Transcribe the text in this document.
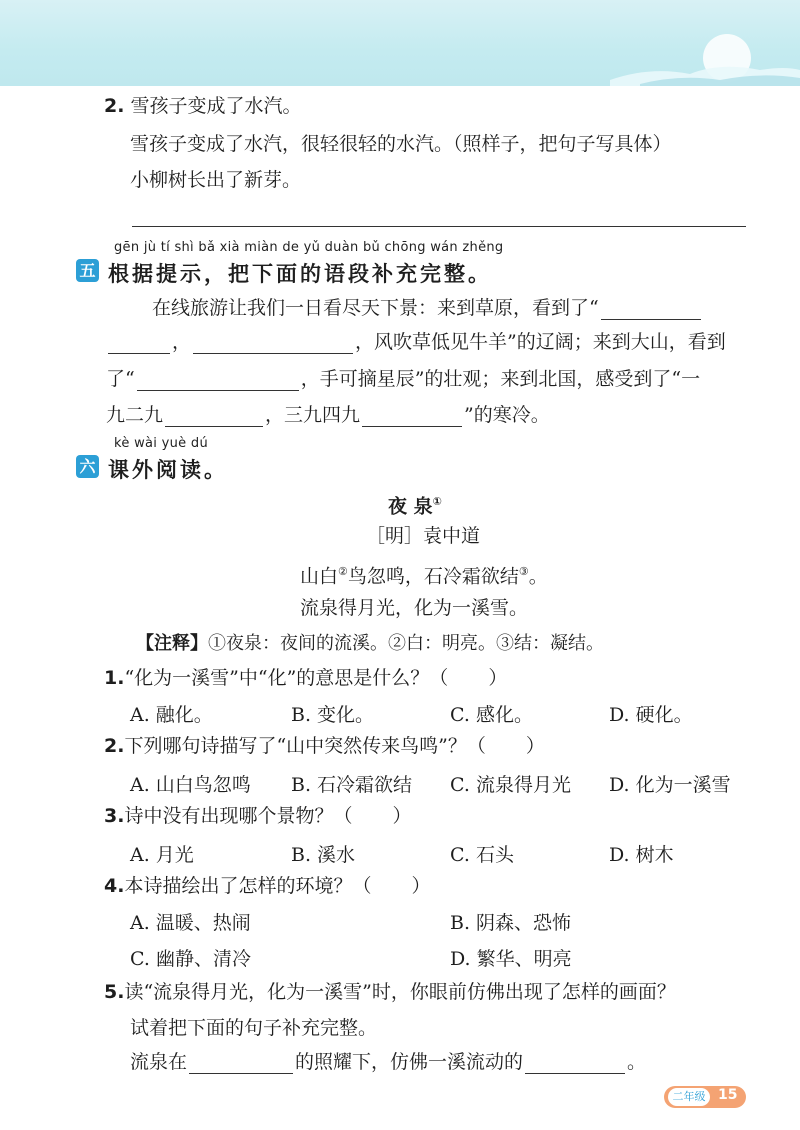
2. 雪孩子变成了水汽。
雪孩子变成了水汽，很轻很轻的水汽。（照样子，把句子写具体）
小柳树长出了新芽。
gēn jù tí shì bǎ xià miàn de yǔ duàn bǔ chōng wán zhěng
五 根据提示，把下面的语段补充完整。
在线旅游让我们一日看尽天下景：来到草原，看到了“
，	，风吹草低见牛羊”的辽阔；来到大山，看到
了“	，手可摘星辰”的壮观；来到北国，感受到了“一
九二九	，三九四九	”的寒冷。
kè wài yuè dú
六 课外阅读。
夜 泉①
［明］袁中道
山白②鸟忽鸣，石冷霜欲结③。
流泉得月光，化为一溪雪。
【注释】①夜泉：夜间的流溪。②白：明亮。③结：凝结。
1.“化为一溪雪”中“化”的意思是什么？（ ）
A. 融化。	B. 变化。	C. 感化。	D. 硬化。
2.下列哪句诗描写了“山中突然传来鸟鸣”？（ ）
A. 山白鸟忽鸣 B. 石冷霜欲结 C. 流泉得月光 D. 化为一溪雪
3.诗中没有出现哪个景物？（ ）
A. 月光	B. 溪水	C. 石头	D. 树木
4.本诗描绘出了怎样的环境？（ ）
A. 温暖、热闹	B. 阴森、恐怖
C. 幽静、清冷	D. 繁华、明亮
5.读“流泉得月光，化为一溪雪”时，你眼前仿佛出现了怎样的画面？
试着把下面的句子补充完整。
流泉在	的照耀下，仿佛一溪流动的	。
二年级 15
